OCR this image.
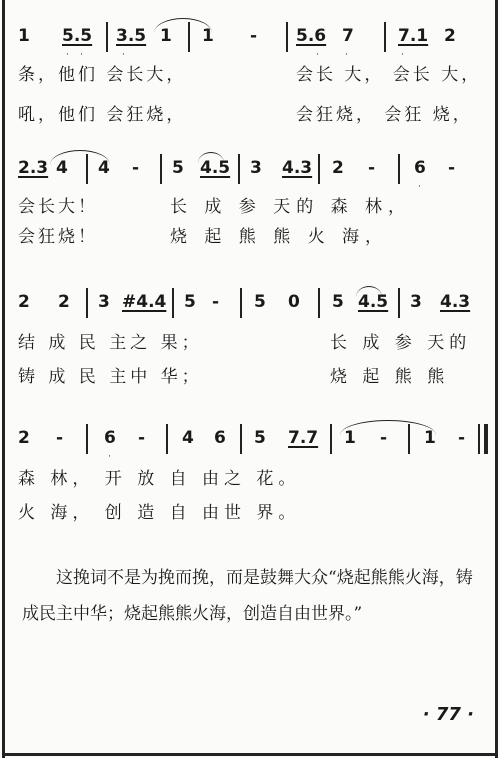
1 5.5 3.5 1 1 - 5.6 7	7.1 2
·
· ·	·	·	·
条，他们 会长大，	会长 大， 会长 大，
吼，他们 会狂烧，	会狂烧， 会狂 烧，
2.3 4 4 - 5 4.5 3 4.3 2 - 6 -
·
会长大！	长 成 参 天的 森 林，
会狂烧！	烧 起 熊 熊 火 海，
2 2 3 #4.4 5 - 5 0 5 4.5 3 4.3
结 成 民 主之 果；	长 成 参 天的
铸 成 民 主中 华；	烧 起 熊 熊
2 - 6 - 4 6 5 7.7 1 - 1 -
·
森 林， 开 放 自 由之 花。
火 海， 创 造 自 由世 界。
这挽词不是为挽而挽，而是鼓舞大众“烧起熊熊火海，铸成民主中华；烧起熊熊火海，创造自由世界。”
· 77 ·
